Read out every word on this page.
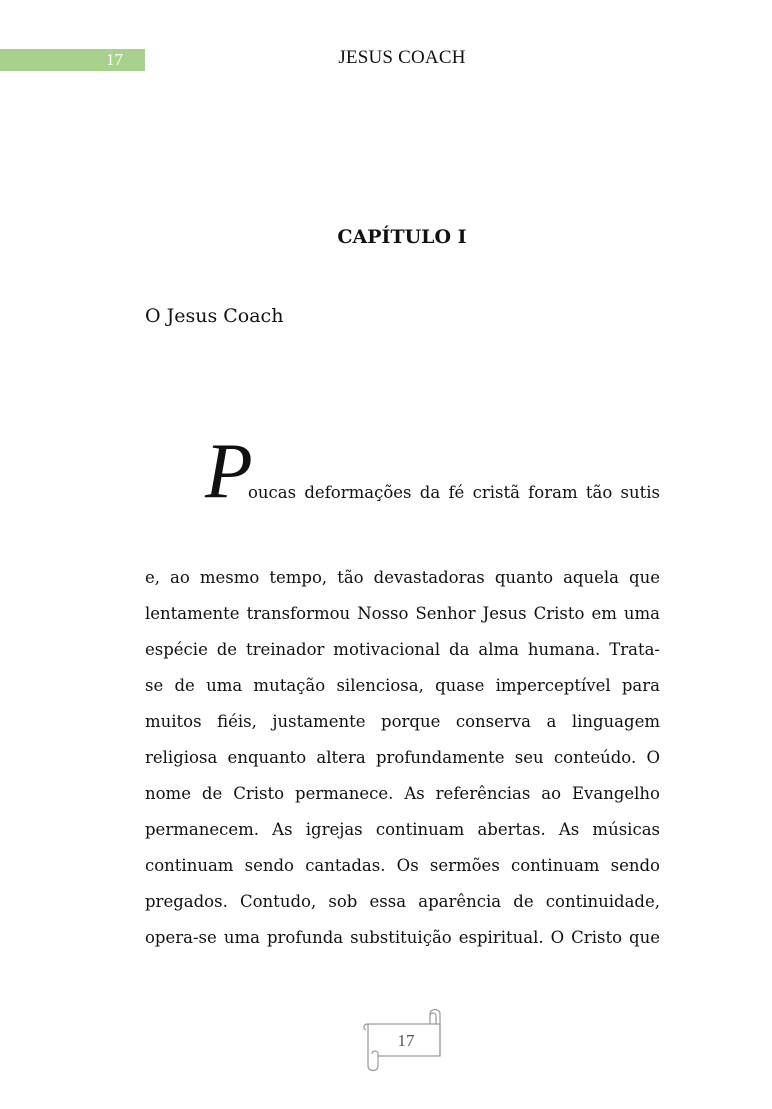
17	JESUS COACH
CAPÍTULO I
O Jesus Coach
P
oucas deformações da fé cristã foram tão sutis
e, ao mesmo tempo, tão devastadoras quanto aquela que
lentamente transformou Nosso Senhor Jesus Cristo em uma
espécie de treinador motivacional da alma humana. Trata-
se de uma mutação silenciosa, quase imperceptível para
muitos fiéis, justamente porque conserva a linguagem
religiosa enquanto altera profundamente seu conteúdo. O
nome de Cristo permanece. As referências ao Evangelho
permanecem. As igrejas continuam abertas. As músicas
continuam sendo cantadas. Os sermões continuam sendo
pregados. Contudo, sob essa aparência de continuidade,
opera-se uma profunda substituição espiritual. O Cristo que
17
